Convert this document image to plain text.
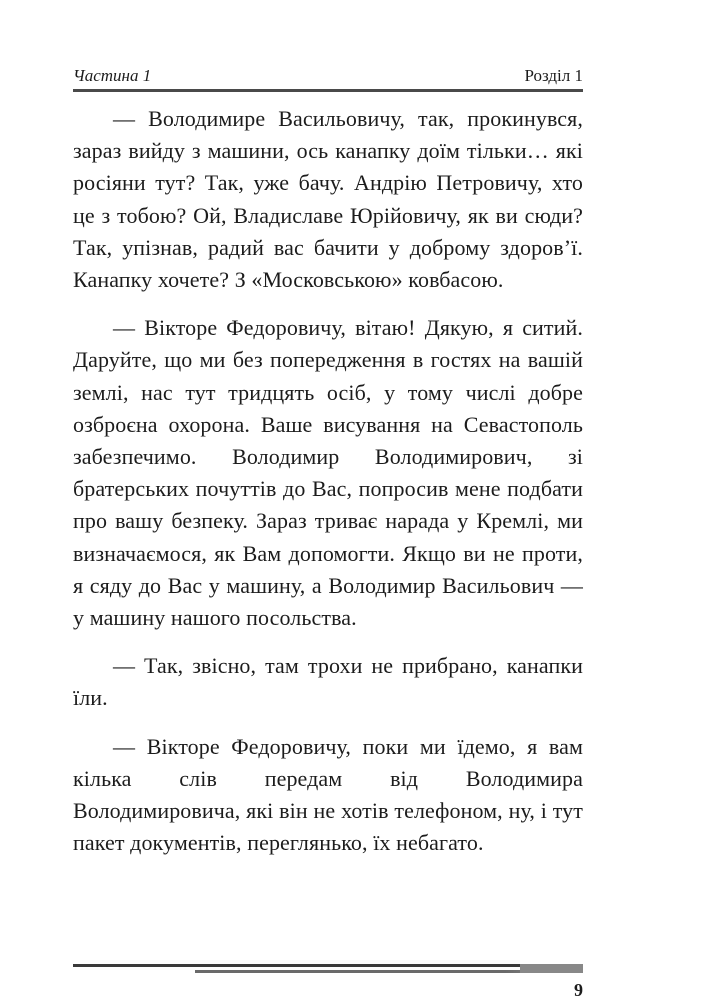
Частина 1	Розділ 1

— Володимире Васильовичу, так, прокинувся, зараз вийду з машини, ось канапку доїм тільки… які росіяни тут? Так, уже бачу. Андрію Петровичу, хто це з тобою? Ой, Владиславе Юрійовичу, як ви сюди? Так, упізнав, радий вас бачити у доброму здоров’ї. Канапку хочете? З «Московською» ковбасою.

— Вікторе Федоровичу, вітаю! Дякую, я ситий. Даруйте, що ми без попередження в гостях на вашій землі, нас тут тридцять осіб, у тому числі добре озброєна охорона. Ваше висування на Севастополь забезпечимо. Володимир Володимирович, зі братерських почуттів до Вас, попросив мене подбати про вашу безпеку. Зараз триває нарада у Кремлі, ми визначаємося, як Вам допомогти. Якщо ви не проти, я сяду до Вас у машину, а Володимир Васильович — у машину нашого посольства.

— Так, звісно, там трохи не прибрано, канапки їли.

— Вікторе Федоровичу, поки ми їдемо, я вам кілька слів передам від Володимира Володимировича, які він не хотів телефоном, ну, і тут пакет документів, переглянько, їх небагато.

9
